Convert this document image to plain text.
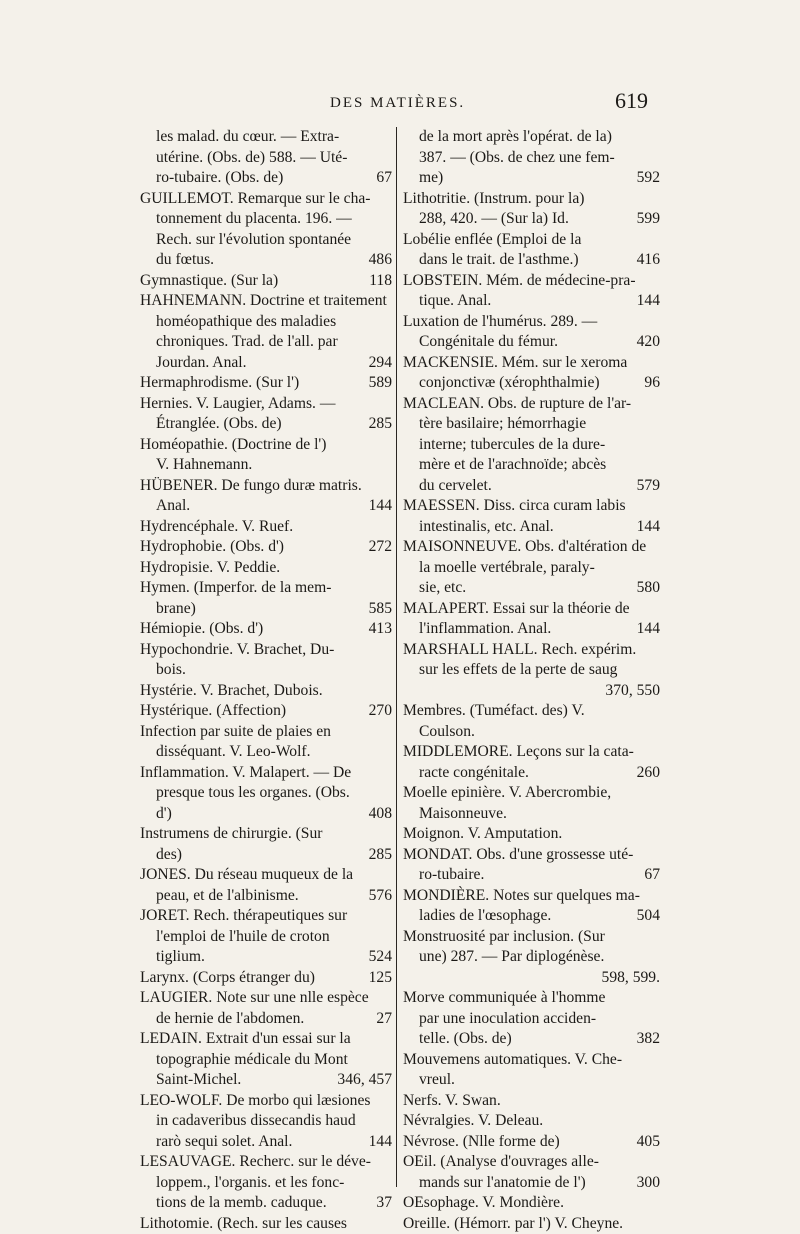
DES MATIÈRES.	619
les malad. du cœur. — Extra-
utérine. (Obs. de) 588. — Uté-
ro-tubaire. (Obs. de)	67
GUILLEMOT. Remarque sur le cha-
tonnement du placenta. 196. —
Rech. sur l'évolution spontanée
du fœtus.	486
Gymnastique. (Sur la)	118
HAHNEMANN. Doctrine et traitement
homéopathique des maladies
chroniques. Trad. de l'all. par
Jourdan. Anal.	294
Hermaphrodisme. (Sur l')	589
Hernies. V. Laugier, Adams. —
Étranglée. (Obs. de)	285
Homéopathie. (Doctrine de l')
V. Hahnemann.
HÜBENER. De fungo duræ matris.
Anal.	144
Hydrencéphale. V. Ruef.
Hydrophobie. (Obs. d')	272
Hydropisie. V. Peddie.
Hymen. (Imperfor. de la mem-
brane)	585
Hémiopie. (Obs. d')	413
Hypochondrie. V. Brachet, Du-
bois.
Hystérie. V. Brachet, Dubois.
Hystérique. (Affection)	270
Infection par suite de plaies en
disséquant. V. Leo-Wolf.
Inflammation. V. Malapert. — De
presque tous les organes. (Obs.
d')	408
Instrumens de chirurgie. (Sur
des)	285
JONES. Du réseau muqueux de la
peau, et de l'albinisme.	576
JORET. Rech. thérapeutiques sur
l'emploi de l'huile de croton
tiglium.	524
Larynx. (Corps étranger du)	125
LAUGIER. Note sur une nlle espèce
de hernie de l'abdomen.	27
LEDAIN. Extrait d'un essai sur la
topographie médicale du Mont
Saint-Michel.	346, 457
LEO-WOLF. De morbo qui læsiones
in cadaveribus dissecandis haud
rarò sequi solet. Anal.	144
LESAUVAGE. Recherc. sur le déve-
loppem., l'organis. et les fonc-
tions de la memb. caduque.	37
Lithotomie. (Rech. sur les causes
de la mort après l'opérat. de la)
387. — (Obs. de chez une fem-
me)	592
Lithotritie. (Instrum. pour la)
288, 420. — (Sur la) Id.	599
Lobélie enflée (Emploi de la
dans le trait. de l'asthme.)	416
LOBSTEIN. Mém. de médecine-pra-
tique. Anal.	144
Luxation de l'humérus. 289. —
Congénitale du fémur.	420
MACKENSIE. Mém. sur le xeroma
conjonctivæ (xérophthalmie)	96
MACLEAN. Obs. de rupture de l'ar-
tère basilaire; hémorrhagie
interne; tubercules de la dure-
mère et de l'arachnoïde; abcès
du cervelet.	579
MAESSEN. Diss. circa curam labis
intestinalis, etc. Anal.	144
MAISONNEUVE. Obs. d'altération de
la moelle vertébrale, paraly-
sie, etc.	580
MALAPERT. Essai sur la théorie de
l'inflammation. Anal.	144
MARSHALL HALL. Rech. expérim.
sur les effets de la perte de saug
370, 550
Membres. (Tuméfact. des) V.
Coulson.
MIDDLEMORE. Leçons sur la cata-
racte congénitale.	260
Moelle epinière. V. Abercrombie,
Maisonneuve.
Moignon. V. Amputation.
MONDAT. Obs. d'une grossesse uté-
ro-tubaire.	67
MONDIÈRE. Notes sur quelques ma-
ladies de l'œsophage.	504
Monstruosité par inclusion. (Sur
une) 287. — Par diplogénèse.
598, 599.
Morve communiquée à l'homme
par une inoculation acciden-
telle. (Obs. de)	382
Mouvemens automatiques. V. Che-
vreul.
Nerfs. V. Swan.
Névralgies. V. Deleau.
Névrose. (Nlle forme de)	405
OEil. (Analyse d'ouvrages alle-
mands sur l'anatomie de l')	300
OEsophage. V. Mondière.
Oreille. (Hémorr. par l') V. Cheyne.
